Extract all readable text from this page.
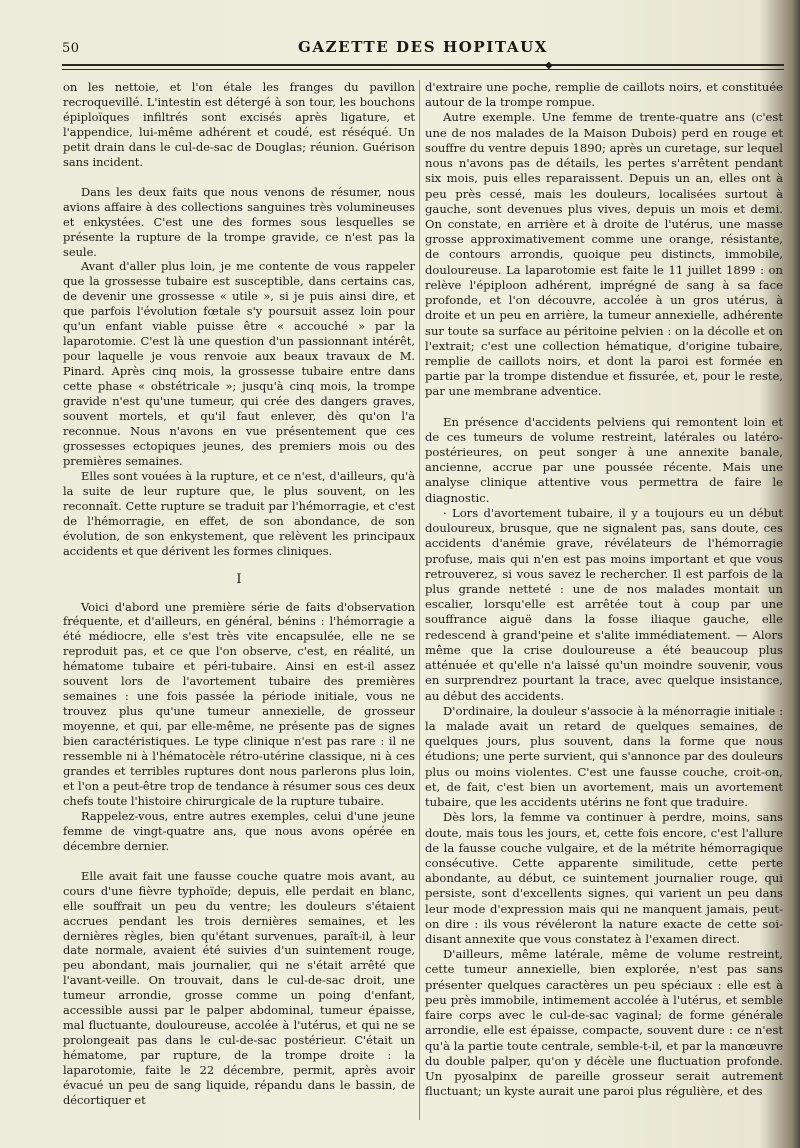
50	GAZETTE DES HOPITAUX
◆

on les nettoie, et l'on étale les franges du pavillon recroquevillé. L'intestin est détergé à son tour, les bouchons épiploïques infiltrés sont excisés après ligature, et l'appendice, lui-même adhérent et coudé, est réséqué. Un petit drain dans le cul-de-sac de Douglas; réunion. Guérison sans incident.

Dans les deux faits que nous venons de résumer, nous avions affaire à des collections sanguines très volumineuses et enkystées. C'est une des formes sous lesquelles se présente la rupture de la trompe gravide, ce n'est pas la seule.

Avant d'aller plus loin, je me contente de vous rappeler que la grossesse tubaire est susceptible, dans certains cas, de devenir une grossesse « utile », si je puis ainsi dire, et que parfois l'évolution fœtale s'y poursuit assez loin pour qu'un enfant viable puisse être « accouché » par la laparotomie. C'est là une question d'un passionnant intérêt, pour laquelle je vous renvoie aux beaux travaux de M. Pinard. Après cinq mois, la grossesse tubaire entre dans cette phase « obstétricale »; jusqu'à cinq mois, la trompe gravide n'est qu'une tumeur, qui crée des dangers graves, souvent mortels, et qu'il faut enlever, dès qu'on l'a reconnue. Nous n'avons en vue présentement que ces grossesses ectopiques jeunes, des premiers mois ou des premières semaines.

Elles sont vouées à la rupture, et ce n'est, d'ailleurs, qu'à la suite de leur rupture que, le plus souvent, on les reconnaît. Cette rupture se traduit par l'hémorragie, et c'est de l'hémorragie, en effet, de son abondance, de son évolution, de son enkystement, que relèvent les principaux accidents et que dérivent les formes cliniques.

I

Voici d'abord une première série de faits d'observation fréquente, et d'ailleurs, en général, bénins : l'hémorragie a été médiocre, elle s'est très vite encapsulée, elle ne se reproduit pas, et ce que l'on observe, c'est, en réalité, un hématome tubaire et péri-tubaire. Ainsi en est-il assez souvent lors de l'avortement tubaire des premières semaines : une fois passée la période initiale, vous ne trouvez plus qu'une tumeur annexielle, de grosseur moyenne, et qui, par elle-même, ne présente pas de signes bien caractéristiques. Le type clinique n'est pas rare : il ne ressemble ni à l'hématocèle rétro-utérine classique, ni à ces grandes et terribles ruptures dont nous parlerons plus loin, et l'on a peut-être trop de tendance à résumer sous ces deux chefs toute l'histoire chirurgicale de la rupture tubaire.

Rappelez-vous, entre autres exemples, celui d'une jeune femme de vingt-quatre ans, que nous avons opérée en décembre dernier.

Elle avait fait une fausse couche quatre mois avant, au cours d'une fièvre typhoïde; depuis, elle perdait en blanc, elle souffrait un peu du ventre; les douleurs s'étaient accrues pendant les trois dernières semaines, et les dernières règles, bien qu'étant survenues, paraît-il, à leur date normale, avaient été suivies d'un suintement rouge, peu abondant, mais journalier, qui ne s'était arrêté que l'avant-veille. On trouvait, dans le cul-de-sac droit, une tumeur arrondie, grosse comme un poing d'enfant, accessible aussi par le palper abdominal, tumeur épaisse, mal fluctuante, douloureuse, accolée à l'utérus, et qui ne se prolongeait pas dans le cul-de-sac postérieur. C'était un hématome, par rupture, de la trompe droite : la laparotomie, faite le 22 décembre, permit, après avoir évacué un peu de sang liquide, répandu dans le bassin, de décortiquer et

d'extraire une poche, remplie de caillots noirs, et constituée autour de la trompe rompue.

Autre exemple. Une femme de trente-quatre ans (c'est une de nos malades de la Maison Dubois) perd en rouge et souffre du ventre depuis 1890; après un curetage, sur lequel nous n'avons pas de détails, les pertes s'arrêtent pendant six mois, puis elles reparaissent. Depuis un an, elles ont à peu près cessé, mais les douleurs, localisées surtout à gauche, sont devenues plus vives, depuis un mois et demi. On constate, en arrière et à droite de l'utérus, une masse grosse approximativement comme une orange, résistante, de contours arrondis, quoique peu distincts, immobile, douloureuse. La laparotomie est faite le 11 juillet 1899 : on relève l'épiploon adhérent, imprégné de sang à sa face profonde, et l'on découvre, accolée à un gros utérus, à droite et un peu en arrière, la tumeur annexielle, adhérente sur toute sa surface au péritoine pelvien : on la décolle et on l'extrait; c'est une collection hématique, d'origine tubaire, remplie de caillots noirs, et dont la paroi est formée en partie par la trompe distendue et fissurée, et, pour le reste, par une membrane adventice.

En présence d'accidents pelviens qui remontent loin et de ces tumeurs de volume restreint, latérales ou latéro-postérieures, on peut songer à une annexite banale, ancienne, accrue par une poussée récente. Mais une analyse clinique attentive vous permettra de faire le diagnostic.

· Lors d'avortement tubaire, il y a toujours eu un début douloureux, brusque, que ne signalent pas, sans doute, ces accidents d'anémie grave, révélateurs de l'hémorragie profuse, mais qui n'en est pas moins important et que vous retrouverez, si vous savez le rechercher. Il est parfois de la plus grande netteté : une de nos malades montait un escalier, lorsqu'elle est arrêtée tout à coup par une souffrance aiguë dans la fosse iliaque gauche, elle redescend à grand'peine et s'alite immédiatement. — Alors même que la crise douloureuse a été beaucoup plus atténuée et qu'elle n'a laissé qu'un moindre souvenir, vous en surprendrez pourtant la trace, avec quelque insistance, au début des accidents.

D'ordinaire, la douleur s'associe à la ménorragie initiale : la malade avait un retard de quelques semaines, de quelques jours, plus souvent, dans la forme que nous étudions; une perte survient, qui s'annonce par des douleurs plus ou moins violentes. C'est une fausse couche, croit-on, et, de fait, c'est bien un avortement, mais un avortement tubaire, que les accidents utérins ne font que traduire.

Dès lors, la femme va continuer à perdre, moins, sans doute, mais tous les jours, et, cette fois encore, c'est l'allure de la fausse couche vulgaire, et de la métrite hémorragique consécutive. Cette apparente similitude, cette perte abondante, au début, ce suintement journalier rouge, qui persiste, sont d'excellents signes, qui varient un peu dans leur mode d'expression mais qui ne manquent jamais, peut-on dire : ils vous révéleront la nature exacte de cette soi-disant annexite que vous constatez à l'examen direct.

D'ailleurs, même latérale, même de volume restreint, cette tumeur annexielle, bien explorée, n'est pas sans présenter quelques caractères un peu spéciaux : elle est à peu près immobile, intimement accolée à l'utérus, et semble faire corps avec le cul-de-sac vaginal; de forme générale arrondie, elle est épaisse, compacte, souvent dure : ce n'est qu'à la partie toute centrale, semble-t-il, et par la manœuvre du double palper, qu'on y décèle une fluctuation profonde. Un pyosalpinx de pareille grosseur serait autrement fluctuant; un kyste aurait une paroi plus régulière, et des
